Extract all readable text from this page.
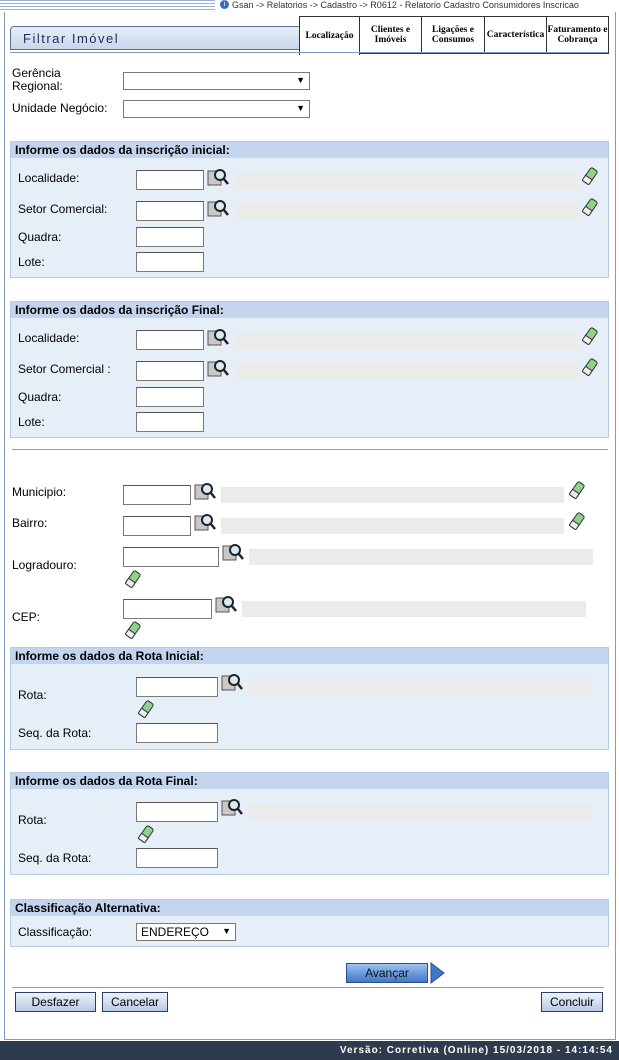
i Gsan -> Relatorios -> Cadastro -> R0612 - Relatorio Cadastro Consumidores Inscricao
Filtrar Imóvel	Localização
Clientes e Imóveis
Ligações e Consumos	Característica Faturamento e Cobrança
Gerência Regional:	▼
Unidade Negócio:	▼
Informe os dados da inscrição inicial:
Localidade:
Setor Comercial:
Quadra:
Lote:
Informe os dados da inscrição Final:
Localidade:
Setor Comercial :
Quadra:
Lote:
Municipio:
Bairro:
Logradouro:
CEP:
Informe os dados da Rota Inicial:
Rota:
Seq. da Rota:
Informe os dados da Rota Final:
Rota:
Seq. da Rota:
Classificação Alternativa:
Classificação:	ENDEREÇO ▼
Avançar
Desfazer	Cancelar	Concluir
Versão: Corretiva (Online) 15/03/2018 - 14:14:54
